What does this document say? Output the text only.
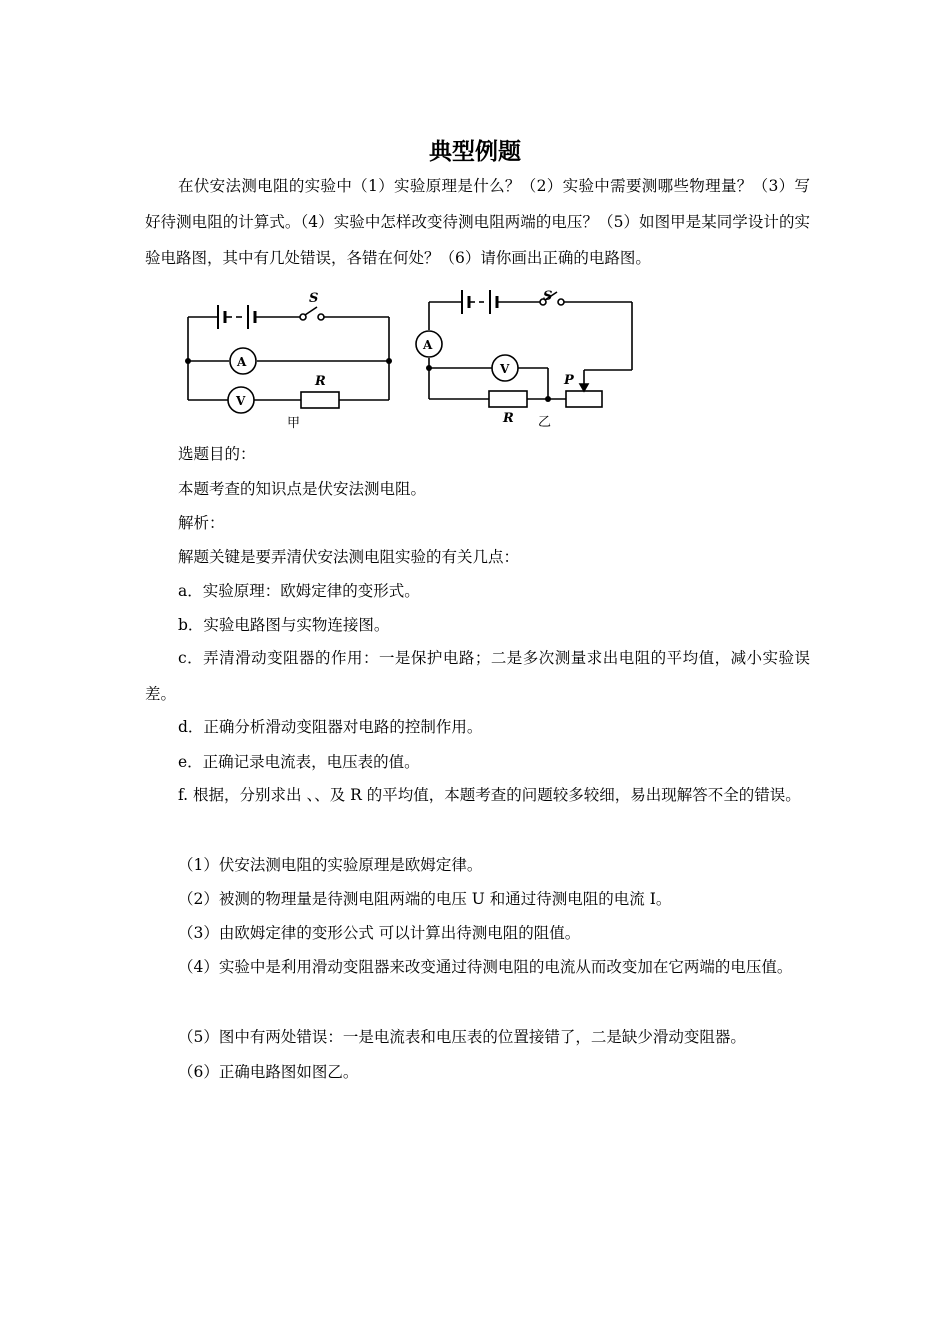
典型例题

在伏安法测电阻的实验中（1）实验原理是什么？（2）实验中需要测哪些物理量？（3）写好待测电阻的计算式。（4）实验中怎样改变待测电阻两端的电压？（5）如图甲是某同学设计的实验电路图，其中有几处错误，各错在何处？（6）请你画出正确的电路图。

S
A
V
R
甲
S
A
V
R
P
乙
选题目的：
本题考查的知识点是伏安法测电阻。
解析：
解题关键是要弄清伏安法测电阻实验的有关几点：
a．实验原理：欧姆定律的变形式。
b．实验电路图与实物连接图。

c．弄清滑动变阻器的作用：一是保护电路；二是多次测量求出电阻的平均值，减小实验误差。

d．正确分析滑动变阻器对电路的控制作用。
e．正确记录电流表，电压表的值。

f. 根据，分别求出 、、及 R 的平均值，本题考查的问题较多较细，易出现解答不全的错误。

（1）伏安法测电阻的实验原理是欧姆定律。
（2）被测的物理量是待测电阻两端的电压 U 和通过待测电阻的电流 I。
（3）由欧姆定律的变形公式 可以计算出待测电阻的阻值。

（4）实验中是利用滑动变阻器来改变通过待测电阻的电流从而改变加在它两端的电压值。

（5）图中有两处错误：一是电流表和电压表的位置接错了，二是缺少滑动变阻器。
（6）正确电路图如图乙。
